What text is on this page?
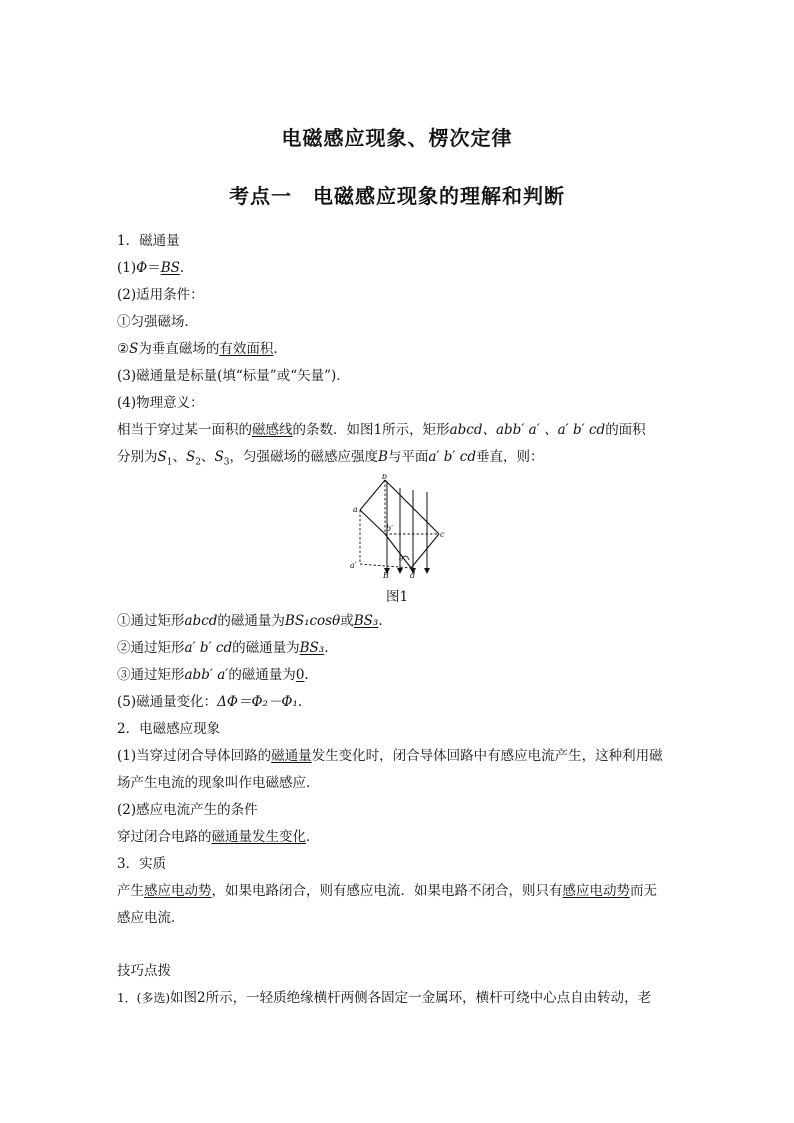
电磁感应现象、楞次定律
考点一　电磁感应现象的理解和判断
1．磁通量
(1)Φ＝BS.
(2)适用条件：
①匀强磁场．
②S为垂直磁场的有效面积．
(3)磁通量是标量(填“标量”或“矢量”)．
(4)物理意义：
相当于穿过某一面积的磁感线的条数．如图1所示，矩形abcd、abb′ a′ 、a′ b′ cd的面积
分别为$S_1$、$S_2$、$S_3$，匀强磁场的磁感应强度B与平面a′ b′ cd垂直，则：
a
b
b′
c
a′
B	d
θ
图1
①通过矩形abcd的磁通量为BS₁cosθ或BS₃.
②通过矩形a′ b′ cd的磁通量为BS₃.
③通过矩形abb′ a′的磁通量为0.
(5)磁通量变化：ΔΦ＝Φ₂－Φ₁.
2．电磁感应现象
(1)当穿过闭合导体回路的磁通量发生变化时，闭合导体回路中有感应电流产生，这种利用磁
场产生电流的现象叫作电磁感应．
(2)感应电流产生的条件
穿过闭合电路的磁通量发生变化．
3．实质
产生感应电动势，如果电路闭合，则有感应电流．如果电路不闭合，则只有感应电动势而无
感应电流．
技巧点拨
1．(多选)如图2所示，一轻质绝缘横杆两侧各固定一金属环，横杆可绕中心点自由转动，老
